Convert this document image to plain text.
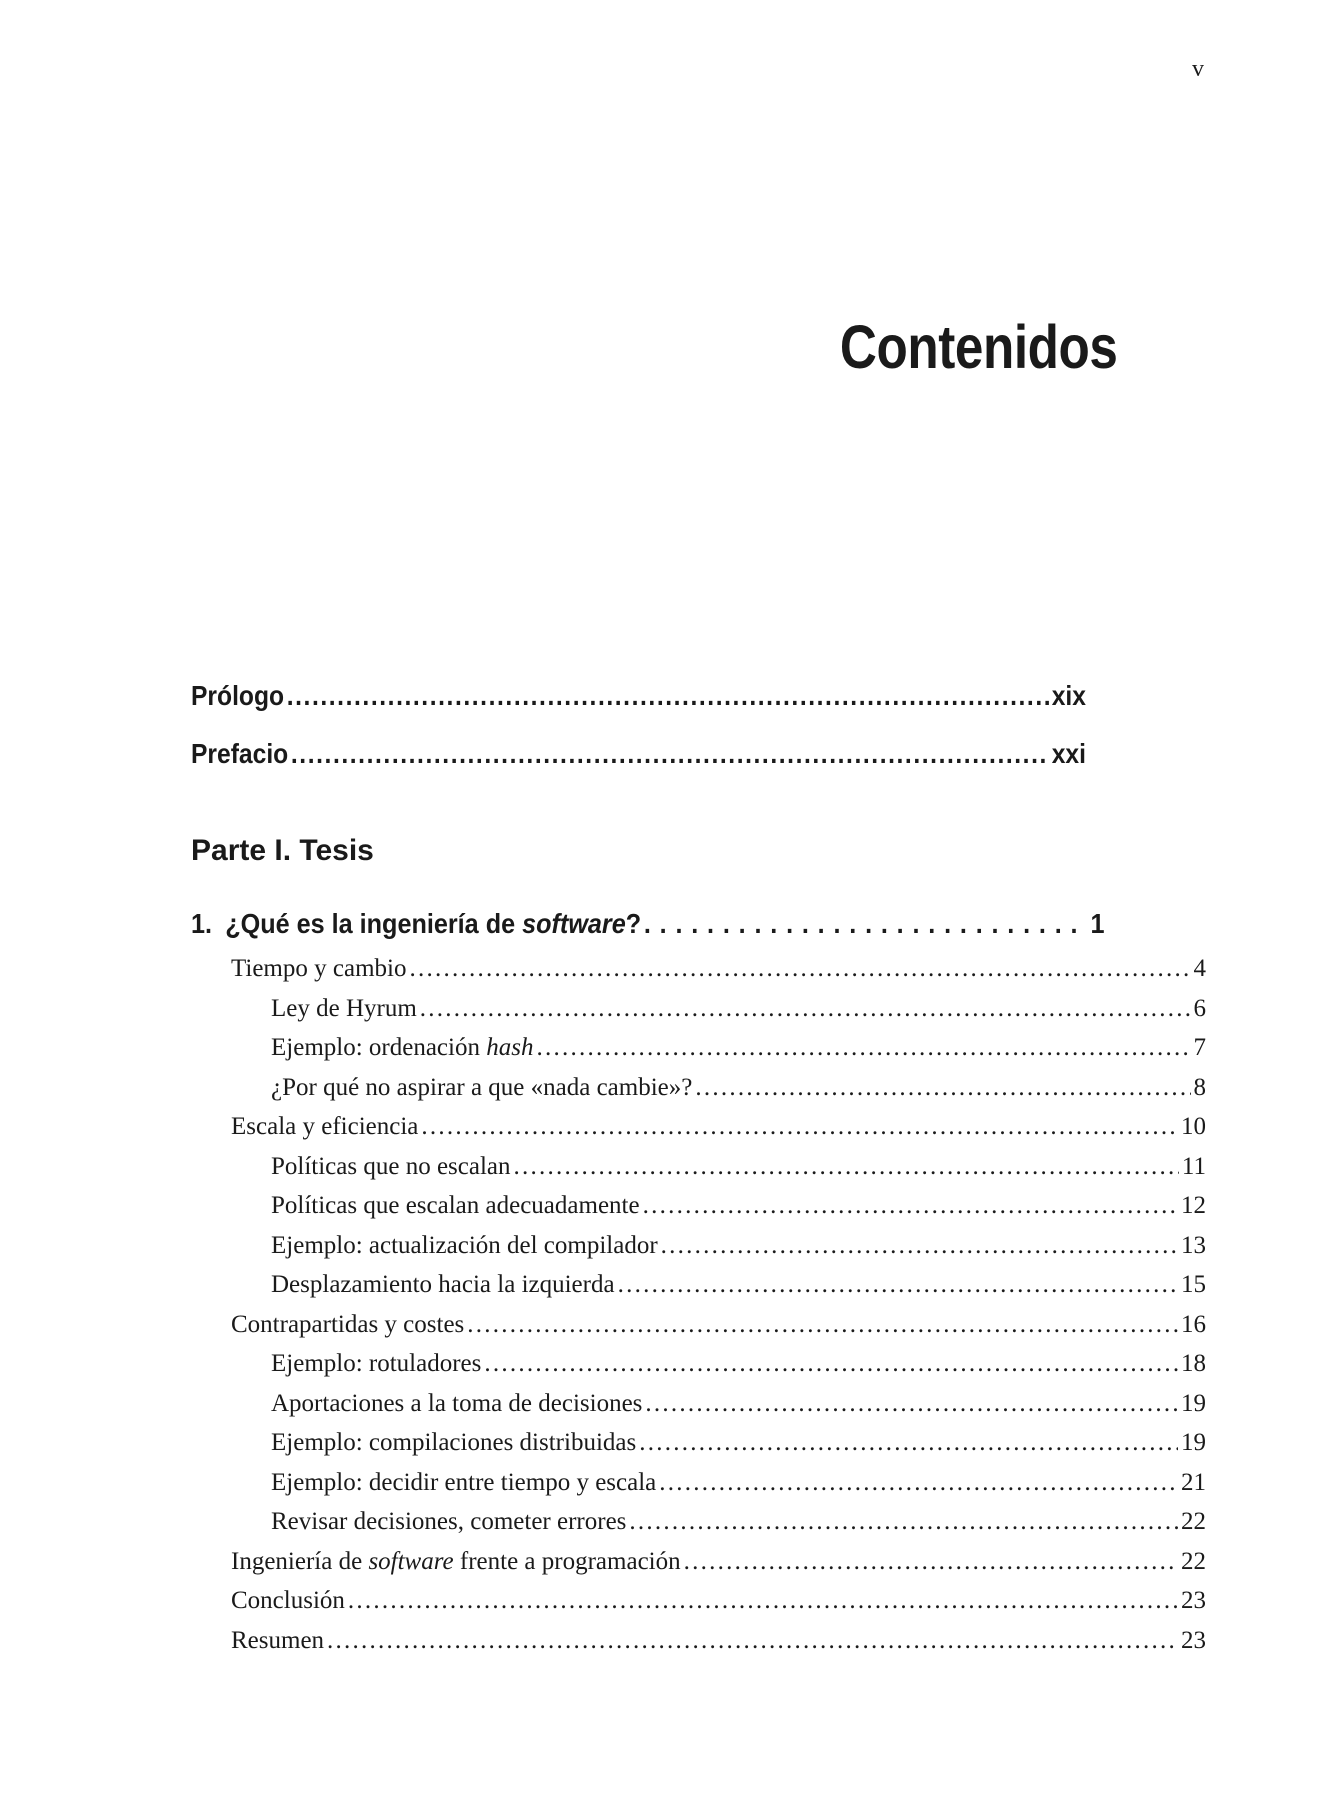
v
Contenidos
Prólogo . . .	xix
Prefacio . . .	xxi
Parte I. Tesis
1. ¿Qué es la ingeniería de software? . . .	1
Tiempo y cambio . . .	4
Ley de Hyrum . . .	6
Ejemplo: ordenación hash . . .	7
¿Por qué no aspirar a que «nada cambie»? . . .	8
Escala y eficiencia . . .	10
Políticas que no escalan . . .	11
Políticas que escalan adecuadamente . . .	12
Ejemplo: actualización del compilador . . .	13
Desplazamiento hacia la izquierda . . .	15
Contrapartidas y costes . . .	16
Ejemplo: rotuladores . . .	18
Aportaciones a la toma de decisiones . . .	19
Ejemplo: compilaciones distribuidas . . .	19
Ejemplo: decidir entre tiempo y escala . . .	21
Revisar decisiones, cometer errores . . .	22
Ingeniería de software frente a programación . . .	22
Conclusión . . .	23
Resumen . . .	23
